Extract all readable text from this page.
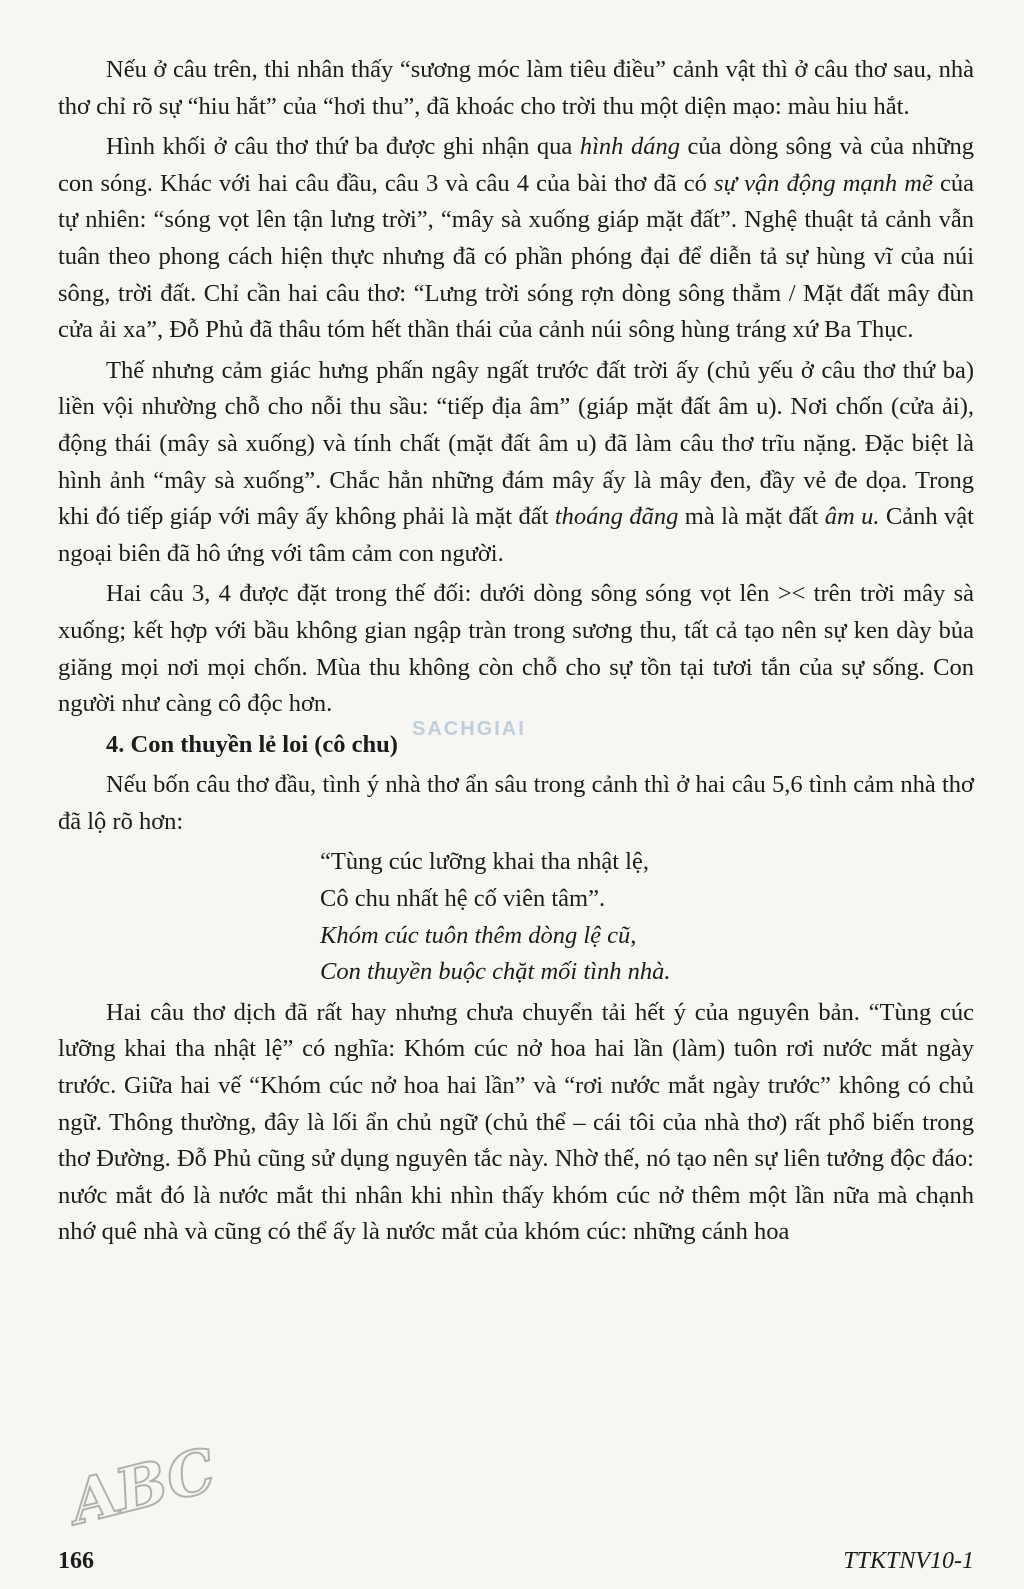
Nếu ở câu trên, thi nhân thấy “sương móc làm tiêu điều” cảnh vật thì ở câu thơ sau, nhà thơ chỉ rõ sự “hiu hắt” của “hơi thu”, đã khoác cho trời thu một diện mạo: màu hiu hắt.

Hình khối ở câu thơ thứ ba được ghi nhận qua hình dáng của dòng sông và của những con sóng. Khác với hai câu đầu, câu 3 và câu 4 của bài thơ đã có sự vận động mạnh mẽ của tự nhiên: “sóng vọt lên tận lưng trời”, “mây sà xuống giáp mặt đất”. Nghệ thuật tả cảnh vẫn tuân theo phong cách hiện thực nhưng đã có phần phóng đại để diễn tả sự hùng vĩ của núi sông, trời đất. Chỉ cần hai câu thơ: “Lưng trời sóng rợn dòng sông thẳm / Mặt đất mây đùn cửa ải xa”, Đỗ Phủ đã thâu tóm hết thần thái của cảnh núi sông hùng tráng xứ Ba Thục.

Thế nhưng cảm giác hưng phấn ngây ngất trước đất trời ấy (chủ yếu ở câu thơ thứ ba) liền vội nhường chỗ cho nỗi thu sầu: “tiếp địa âm” (giáp mặt đất âm u). Nơi chốn (cửa ải), động thái (mây sà xuống) và tính chất (mặt đất âm u) đã làm câu thơ trĩu nặng. Đặc biệt là hình ảnh “mây sà xuống”. Chắc hẳn những đám mây ấy là mây đen, đầy vẻ đe dọa. Trong khi đó tiếp giáp với mây ấy không phải là mặt đất thoáng đãng mà là mặt đất âm u. Cảnh vật ngoại biên đã hô ứng với tâm cảm con người.

Hai câu 3, 4 được đặt trong thế đối: dưới dòng sông sóng vọt lên >< trên trời mây sà xuống; kết hợp với bầu không gian ngập tràn trong sương thu, tất cả tạo nên sự ken dày bủa giăng mọi nơi mọi chốn. Mùa thu không còn chỗ cho sự tồn tại tươi tắn của sự sống. Con người như càng cô độc hơn.

4. Con thuyền lẻ loi (cô chu)

Nếu bốn câu thơ đầu, tình ý nhà thơ ẩn sâu trong cảnh thì ở hai câu 5,6 tình cảm nhà thơ đã lộ rõ hơn:

“Tùng cúc lưỡng khai tha nhật lệ,
Cô chu nhất hệ cố viên tâm”.
Khóm cúc tuôn thêm dòng lệ cũ,
Con thuyền buộc chặt mối tình nhà.

Hai câu thơ dịch đã rất hay nhưng chưa chuyển tải hết ý của nguyên bản. “Tùng cúc lưỡng khai tha nhật lệ” có nghĩa: Khóm cúc nở hoa hai lần (làm) tuôn rơi nước mắt ngày trước. Giữa hai vế “Khóm cúc nở hoa hai lần” và “rơi nước mắt ngày trước” không có chủ ngữ. Thông thường, đây là lối ẩn chủ ngữ (chủ thể – cái tôi của nhà thơ) rất phổ biến trong thơ Đường. Đỗ Phủ cũng sử dụng nguyên tắc này. Nhờ thế, nó tạo nên sự liên tưởng độc đáo: nước mắt đó là nước mắt thi nhân khi nhìn thấy khóm cúc nở thêm một lần nữa mà chạnh nhớ quê nhà và cũng có thể ấy là nước mắt của khóm cúc: những cánh hoa

SACHGIAI
ABC
166	TTKTNV10-1
